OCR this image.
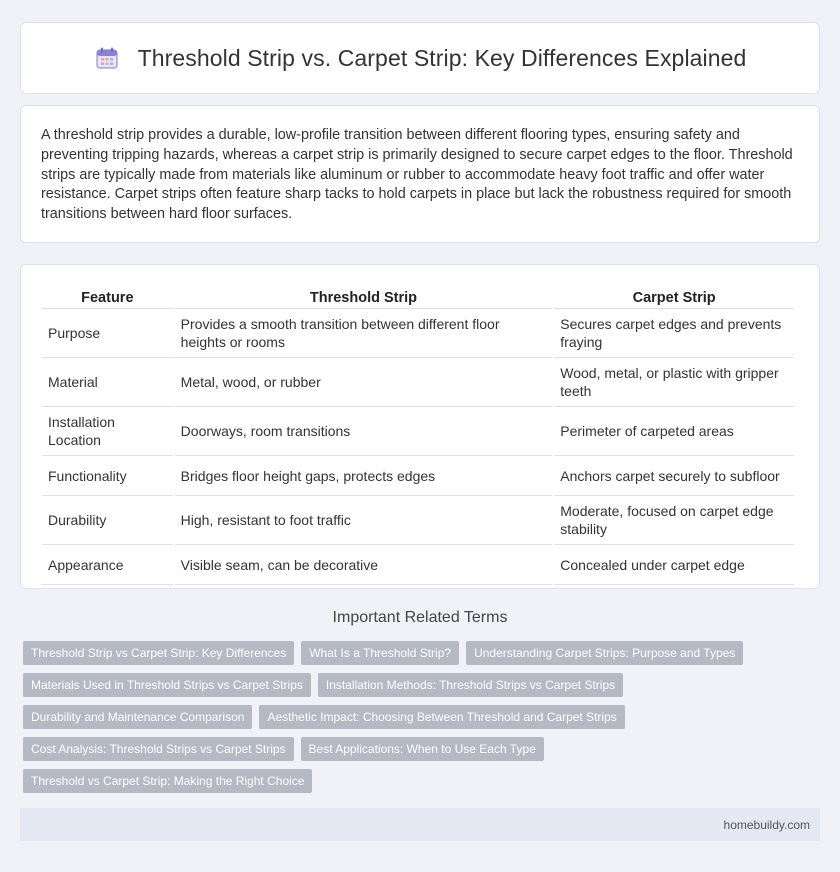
Threshold Strip vs. Carpet Strip: Key Differences Explained

A threshold strip provides a durable, low-profile transition between different flooring types, ensuring safety and preventing tripping hazards, whereas a carpet strip is primarily designed to secure carpet edges to the floor. Threshold strips are typically made from materials like aluminum or rubber to accommodate heavy foot traffic and offer water resistance. Carpet strips often feature sharp tacks to hold carpets in place but lack the robustness required for smooth transitions between hard floor surfaces.

Feature	Threshold Strip	Carpet Strip
Purpose	Provides a smooth transition between different floor heights or rooms	Secures carpet edges and prevents fraying
Material	Metal, wood, or rubber	Wood, metal, or plastic with gripper teeth
Installation Location	Doorways, room transitions	Perimeter of carpeted areas
Functionality	Bridges floor height gaps, protects edges	Anchors carpet securely to subfloor
Durability	High, resistant to foot traffic	Moderate, focused on carpet edge stability
Appearance	Visible seam, can be decorative	Concealed under carpet edge
Important Related Terms
Threshold Strip vs Carpet Strip: Key Differences	What Is a Threshold Strip?	Understanding Carpet Strips: Purpose and Types
Materials Used in Threshold Strips vs Carpet Strips	Installation Methods: Threshold Strips vs Carpet Strips
Durability and Maintenance Comparison	Aesthetic Impact: Choosing Between Threshold and Carpet Strips
Cost Analysis: Threshold Strips vs Carpet Strips	Best Applications: When to Use Each Type
Threshold vs Carpet Strip: Making the Right Choice
homebuildy.com
